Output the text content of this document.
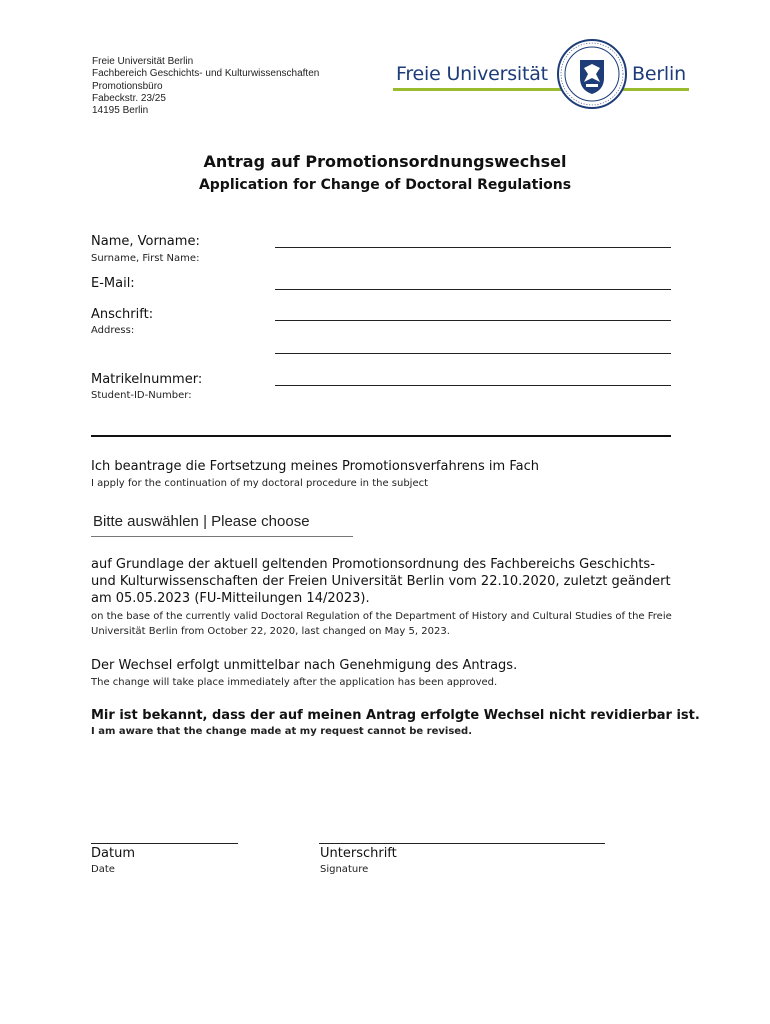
Freie Universität Berlin
Fachbereich Geschichts- und Kulturwissenschaften
Promotionsbüro
Fabeckstr. 23/25
14195 Berlin
Freie Universität	Berlin
Antrag auf Promotionsordnungswechsel
Application for Change of Doctoral Regulations
Name, Vorname:
Surname, First Name:
E-Mail:
Anschrift:
Address:
Matrikelnummer:
Student-ID-Number:
Ich beantrage die Fortsetzung meines Promotionsverfahrens im Fach
I apply for the continuation of my doctoral procedure in the subject
Bitte auswählen | Please choose
auf Grundlage der aktuell geltenden Promotionsordnung des Fachbereichs Geschichts- und Kulturwissenschaften der Freien Universität Berlin vom 22.10.2020, zuletzt geändert am 05.05.2023 (FU-Mitteilungen 14/2023).
on the base of the currently valid Doctoral Regulation of the Department of History and Cultural Studies of the Freie Universität Berlin from October 22, 2020, last changed on May 5, 2023.
Der Wechsel erfolgt unmittelbar nach Genehmigung des Antrags.
The change will take place immediately after the application has been approved.
Mir ist bekannt, dass der auf meinen Antrag erfolgte Wechsel nicht revidierbar ist.
I am aware that the change made at my request cannot be revised.
Datum
Date
Unterschrift
Signature
